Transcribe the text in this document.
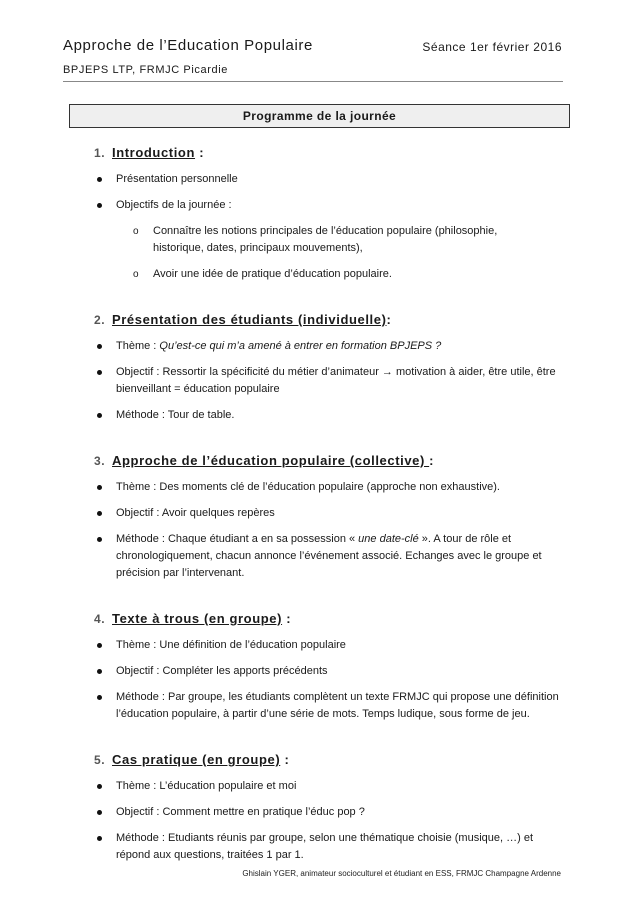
Approche de l’Education Populaire	Séance 1er février 2016
BPJEPS LTP, FRMJC Picardie
Programme de la journée
1. Introduction :
Présentation personnelle
Objectifs de la journée :
o Connaître les notions principales de l’éducation populaire (philosophie, historique, dates, principaux mouvements),
o Avoir une idée de pratique d’éducation populaire.
2. Présentation des étudiants (individuelle):
Thème : Qu’est-ce qui m’a amené à entrer en formation BPJEPS ?
Objectif : Ressortir la spécificité du métier d’animateur → motivation à aider, être utile, être bienveillant = éducation populaire
Méthode : Tour de table.
3. Approche de l’éducation populaire (collective) :
Thème : Des moments clé de l’éducation populaire (approche non exhaustive).
Objectif : Avoir quelques repères
Méthode : Chaque étudiant a en sa possession « une date-clé ». A tour de rôle et chronologiquement, chacun annonce l’événement associé. Echanges avec le groupe et précision par l’intervenant.
4. Texte à trous (en groupe) :
Thème : Une définition de l’éducation populaire
Objectif : Compléter les apports précédents
Méthode : Par groupe, les étudiants complètent un texte FRMJC qui propose une définition l’éducation populaire, à partir d’une série de mots. Temps ludique, sous forme de jeu.
5. Cas pratique (en groupe) :
Thème : L’éducation populaire et moi
Objectif : Comment mettre en pratique l’éduc pop ?
Méthode : Etudiants réunis par groupe, selon une thématique choisie (musique, …) et répond aux questions, traitées 1 par 1.
Ghislain YGER, animateur socioculturel et étudiant en ESS, FRMJC Champagne Ardenne
